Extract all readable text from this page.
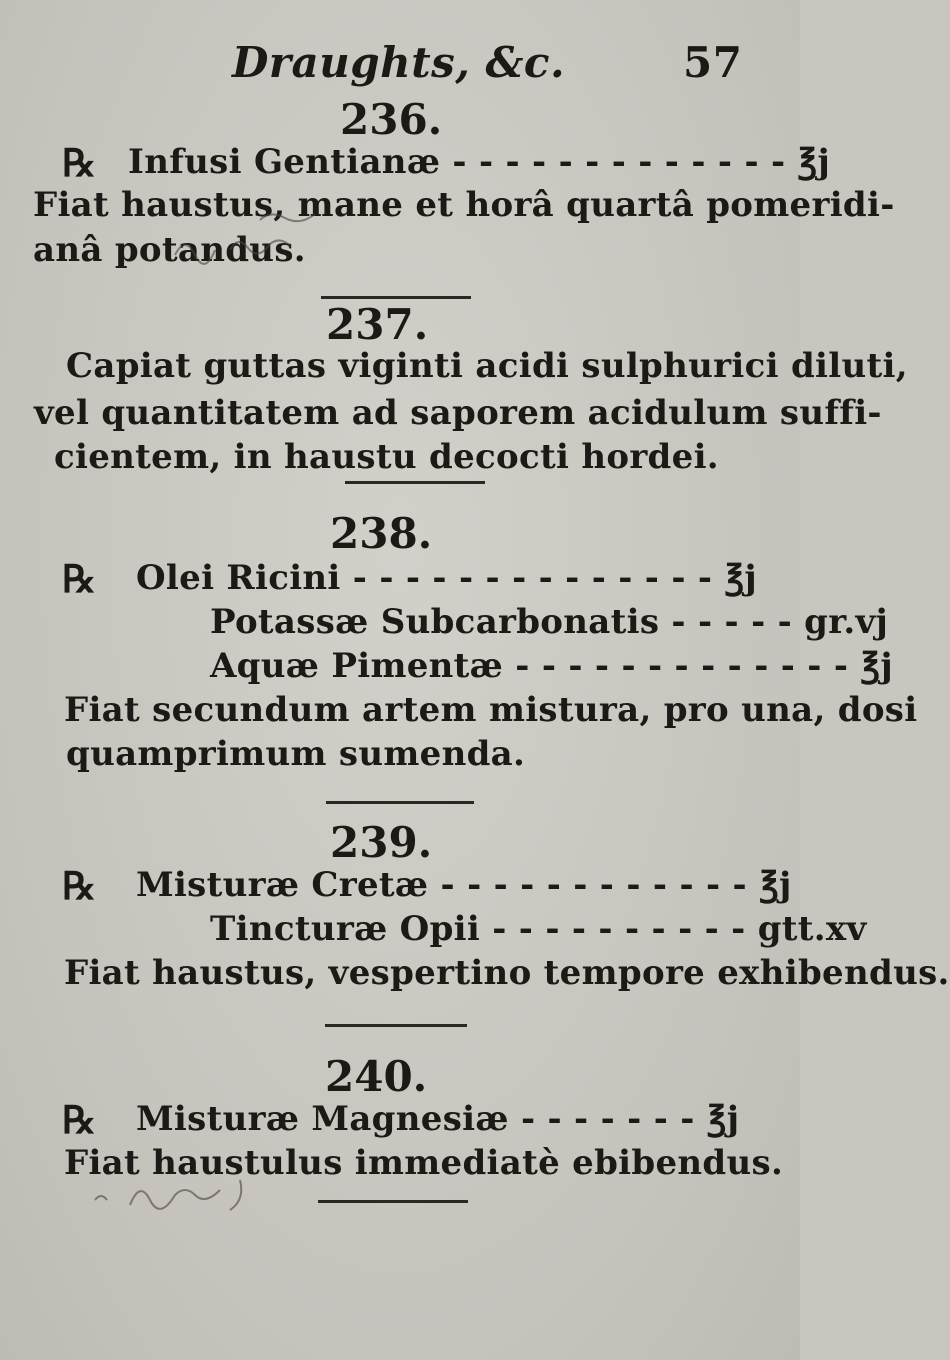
Draughts, &c.	57
236.
℞ Infusi Gentianæ - - - - - - - - - - - - - ℥j
Fiat haustus, mane et horâ quartâ pomeridi-
anâ potandus.
237.
Capiat guttas viginti acidi sulphurici diluti,
vel quantitatem ad saporem acidulum suffi-
cientem, in haustu decocti hordei.
238.
℞ Olei Ricini - - - - - - - - - - - - - - ℥j
Potassæ Subcarbonatis - - - - - gr.vj
Aquæ Pimentæ - - - - - - - - - - - - - ℥j
Fiat secundum artem mistura, pro una, dosi
quamprimum sumenda.
239.
℞ Misturæ Cretæ - - - - - - - - - - - - ℥j
Tincturæ Opii - - - - - - - - - - gtt.xv
Fiat haustus, vespertino tempore exhibendus.
240.
℞ Misturæ Magnesiæ - - - - - - - ℥j
Fiat haustulus immediatè ebibendus.
